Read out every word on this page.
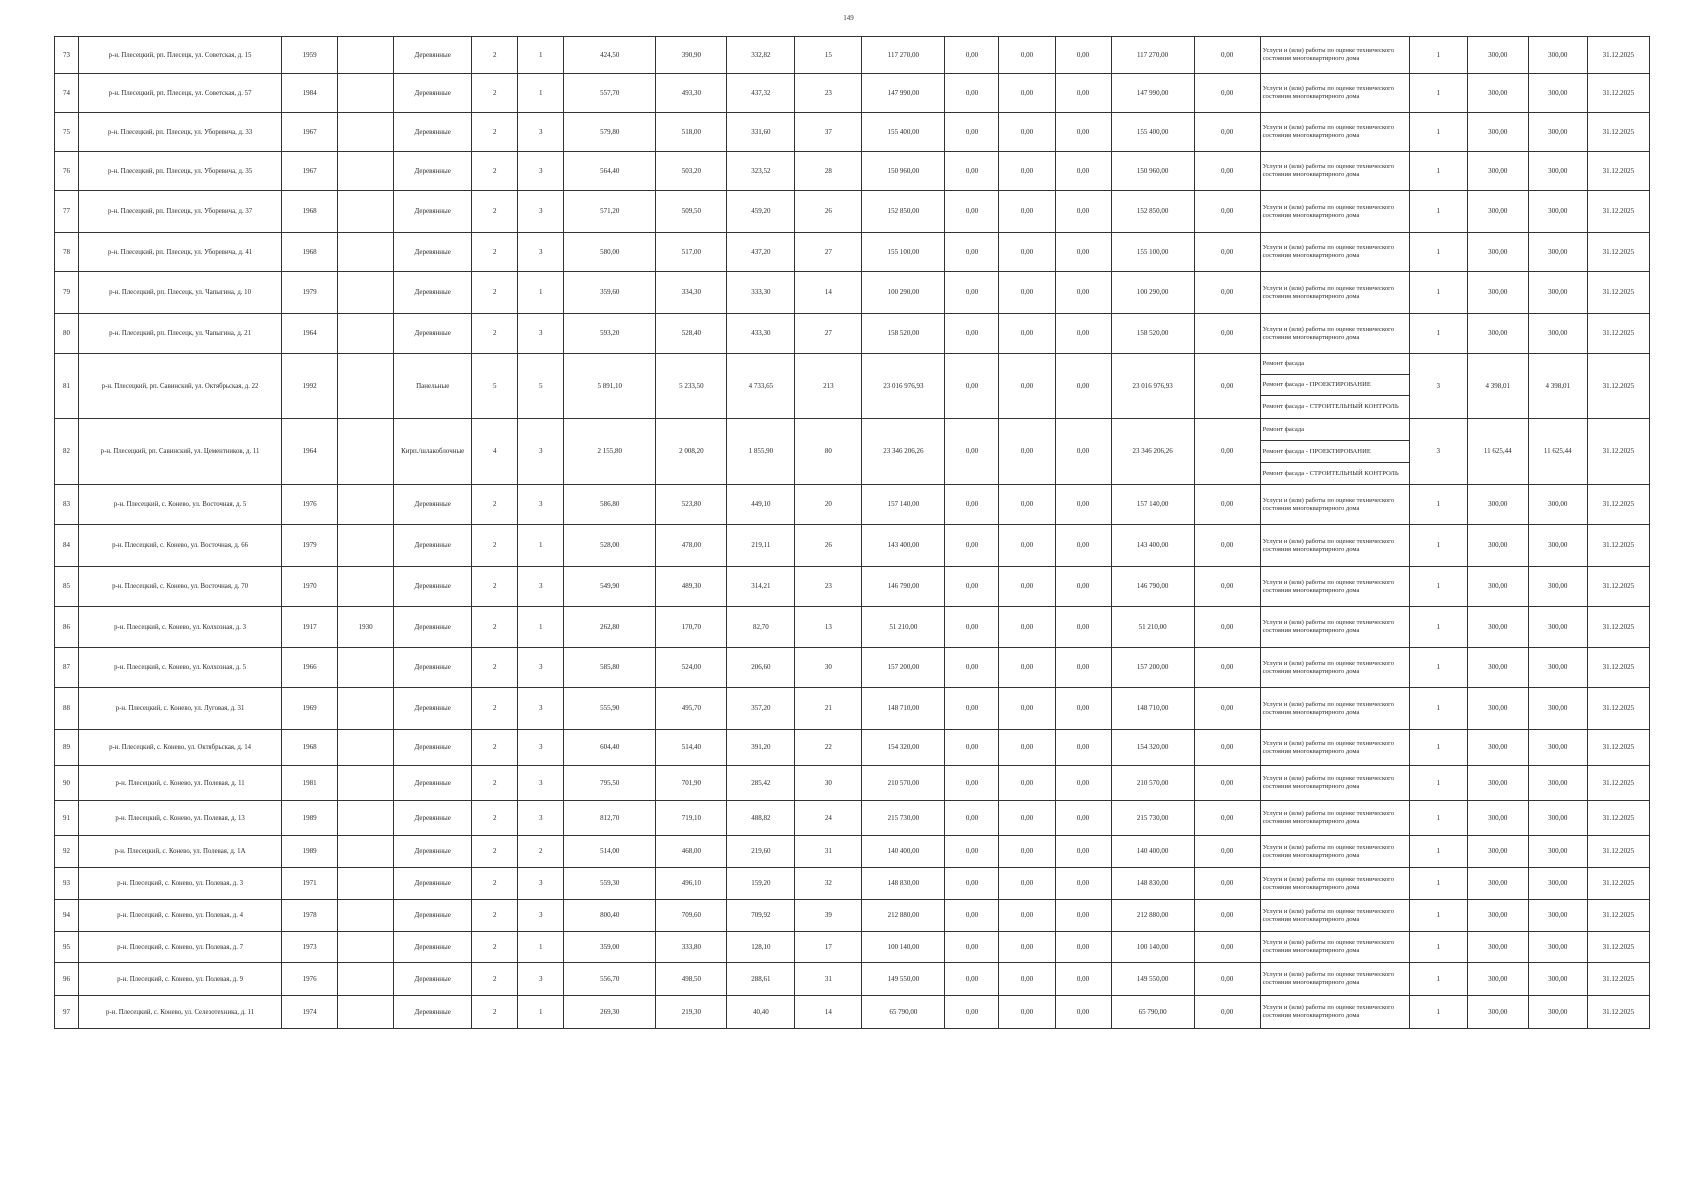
149
73	р-н. Плесецкий, рп. Плесецк, ул. Советская, д. 15	1959		Деревянные	2	1	424,50	390,90	332,82	15	117 270,00	0,00	0,00	0,00	117 270,00	0,00	Услуги и (или) работы по оценке технического состояния многоквартирного дома	1	300,00	300,00	31.12.2025
74	р-н. Плесецкий, рп. Плесецк, ул. Советская, д. 57	1984		Деревянные	2	1	557,70	493,30	437,32	23	147 990,00	0,00	0,00	0,00	147 990,00	0,00	Услуги и (или) работы по оценке технического состояния многоквартирного дома	1	300,00	300,00	31.12.2025
75	р-н. Плесецкий, рп. Плесецк, ул. Уборевича, д. 33	1967		Деревянные	2	3	579,80	518,00	331,60	37	155 400,00	0,00	0,00	0,00	155 400,00	0,00	Услуги и (или) работы по оценке технического состояния многоквартирного дома	1	300,00	300,00	31.12.2025
76	р-н. Плесецкий, рп. Плесецк, ул. Уборевича, д. 35	1967		Деревянные	2	3	564,40	503,20	323,52	28	150 960,00	0,00	0,00	0,00	150 960,00	0,00	Услуги и (или) работы по оценке технического состояния многоквартирного дома	1	300,00	300,00	31.12.2025
77	р-н. Плесецкий, рп. Плесецк, ул. Уборевича, д. 37	1968		Деревянные	2	3	571,20	509,50	459,20	26	152 850,00	0,00	0,00	0,00	152 850,00	0,00	Услуги и (или) работы по оценке технического состояния многоквартирного дома	1	300,00	300,00	31.12.2025
78	р-н. Плесецкий, рп. Плесецк, ул. Уборевича, д. 41	1968		Деревянные	2	3	580,00	517,00	437,20	27	155 100,00	0,00	0,00	0,00	155 100,00	0,00	Услуги и (или) работы по оценке технического состояния многоквартирного дома	1	300,00	300,00	31.12.2025
79	р-н. Плесецкий, рп. Плесецк, ул. Чапыгина, д. 10	1979		Деревянные	2	1	359,60	334,30	333,30	14	100 290,00	0,00	0,00	0,00	100 290,00	0,00	Услуги и (или) работы по оценке технического состояния многоквартирного дома	1	300,00	300,00	31.12.2025
80	р-н. Плесецкий, рп. Плесецк, ул. Чапыгина, д. 21	1964		Деревянные	2	3	593,20	528,40	433,30	27	158 520,00	0,00	0,00	0,00	158 520,00	0,00	Услуги и (или) работы по оценке технического состояния многоквартирного дома	1	300,00	300,00	31.12.2025
81	р-н. Плесецкий, рп. Савинский, ул. Октябрьская, д. 22	1992		Панельные	5	5	5 891,10	5 233,50	4 733,65	213	23 016 976,93	0,00	0,00	0,00	23 016 976,93	0,00	Ремонт фасада
Ремонт фасада - ПРОЕКТИРОВАНИЕ
Ремонт фасада - СТРОИТЕЛЬНЫЙ КОНТРОЛЬ	3	4 398,01	4 398,01	31.12.2025
82	р-н. Плесецкий, рп. Савинский, ул. Цементников, д. 11	1964		Кирп./шлакоблочные	4	3	2 155,80	2 008,20	1 855,90	80	23 346 206,26	0,00	0,00	0,00	23 346 206,26	0,00	Ремонт фасада
Ремонт фасада - ПРОЕКТИРОВАНИЕ
Ремонт фасада - СТРОИТЕЛЬНЫЙ КОНТРОЛЬ	3	11 625,44	11 625,44	31.12.2025
83	р-н. Плесецкий, с. Конево, ул. Восточная, д. 5	1976		Деревянные	2	3	586,80	523,80	449,10	20	157 140,00	0,00	0,00	0,00	157 140,00	0,00	Услуги и (или) работы по оценке технического состояния многоквартирного дома	1	300,00	300,00	31.12.2025
84	р-н. Плесецкий, с. Конево, ул. Восточная, д. 66	1979		Деревянные	2	1	528,00	478,00	219,11	26	143 400,00	0,00	0,00	0,00	143 400,00	0,00	Услуги и (или) работы по оценке технического состояния многоквартирного дома	1	300,00	300,00	31.12.2025
85	р-н. Плесецкий, с. Конево, ул. Восточная, д. 70	1970		Деревянные	2	3	549,90	489,30	314,21	23	146 790,00	0,00	0,00	0,00	146 790,00	0,00	Услуги и (или) работы по оценке технического состояния многоквартирного дома	1	300,00	300,00	31.12.2025
86	р-н. Плесецкий, с. Конево, ул. Колхозная, д. 3	1917	1930	Деревянные	2	1	262,80	170,70	82,70	13	51 210,00	0,00	0,00	0,00	51 210,00	0,00	Услуги и (или) работы по оценке технического состояния многоквартирного дома	1	300,00	300,00	31.12.2025
87	р-н. Плесецкий, с. Конево, ул. Колхозная, д. 5	1966		Деревянные	2	3	585,80	524,00	206,60	30	157 200,00	0,00	0,00	0,00	157 200,00	0,00	Услуги и (или) работы по оценке технического состояния многоквартирного дома	1	300,00	300,00	31.12.2025
88	р-н. Плесецкий, с. Конево, ул. Луговая, д. 31	1969		Деревянные	2	3	555,90	495,70	357,20	21	148 710,00	0,00	0,00	0,00	148 710,00	0,00	Услуги и (или) работы по оценке технического состояния многоквартирного дома	1	300,00	300,00	31.12.2025
89	р-н. Плесецкий, с. Конево, ул. Октябрьская, д. 14	1968		Деревянные	2	3	604,40	514,40	391,20	22	154 320,00	0,00	0,00	0,00	154 320,00	0,00	Услуги и (или) работы по оценке технического состояния многоквартирного дома	1	300,00	300,00	31.12.2025
90	р-н. Плесецкий, с. Конево, ул. Полевая, д. 11	1981		Деревянные	2	3	795,50	701,90	285,42	30	210 570,00	0,00	0,00	0,00	210 570,00	0,00	Услуги и (или) работы по оценке технического состояния многоквартирного дома	1	300,00	300,00	31.12.2025
91	р-н. Плесецкий, с. Конево, ул. Полевая, д. 13	1989		Деревянные	2	3	812,70	719,10	488,82	24	215 730,00	0,00	0,00	0,00	215 730,00	0,00	Услуги и (или) работы по оценке технического состояния многоквартирного дома	1	300,00	300,00	31.12.2025
92	р-н. Плесецкий, с. Конево, ул. Полевая, д. 1А	1989		Деревянные	2	2	514,00	468,00	219,60	31	140 400,00	0,00	0,00	0,00	140 400,00	0,00	Услуги и (или) работы по оценке технического состояния многоквартирного дома	1	300,00	300,00	31.12.2025
93	р-н. Плесецкий, с. Конево, ул. Полевая, д. 3	1971		Деревянные	2	3	559,30	496,10	159,20	32	148 830,00	0,00	0,00	0,00	148 830,00	0,00	Услуги и (или) работы по оценке технического состояния многоквартирного дома	1	300,00	300,00	31.12.2025
94	р-н. Плесецкий, с. Конево, ул. Полевая, д. 4	1978		Деревянные	2	3	800,40	709,60	709,92	39	212 880,00	0,00	0,00	0,00	212 880,00	0,00	Услуги и (или) работы по оценке технического состояния многоквартирного дома	1	300,00	300,00	31.12.2025
95	р-н. Плесецкий, с. Конево, ул. Полевая, д. 7	1973		Деревянные	2	1	359,00	333,80	128,10	17	100 140,00	0,00	0,00	0,00	100 140,00	0,00	Услуги и (или) работы по оценке технического состояния многоквартирного дома	1	300,00	300,00	31.12.2025
96	р-н. Плесецкий, с. Конево, ул. Полевая, д. 9	1976		Деревянные	2	3	556,70	498,50	288,61	31	149 550,00	0,00	0,00	0,00	149 550,00	0,00	Услуги и (или) работы по оценке технического состояния многоквартирного дома	1	300,00	300,00	31.12.2025
97	р-н. Плесецкий, с. Конево, ул. Селезотехника, д. 11	1974		Деревянные	2	1	269,30	219,30	40,40	14	65 790,00	0,00	0,00	0,00	65 790,00	0,00	Услуги и (или) работы по оценке технического состояния многоквартирного дома	1	300,00	300,00	31.12.2025
